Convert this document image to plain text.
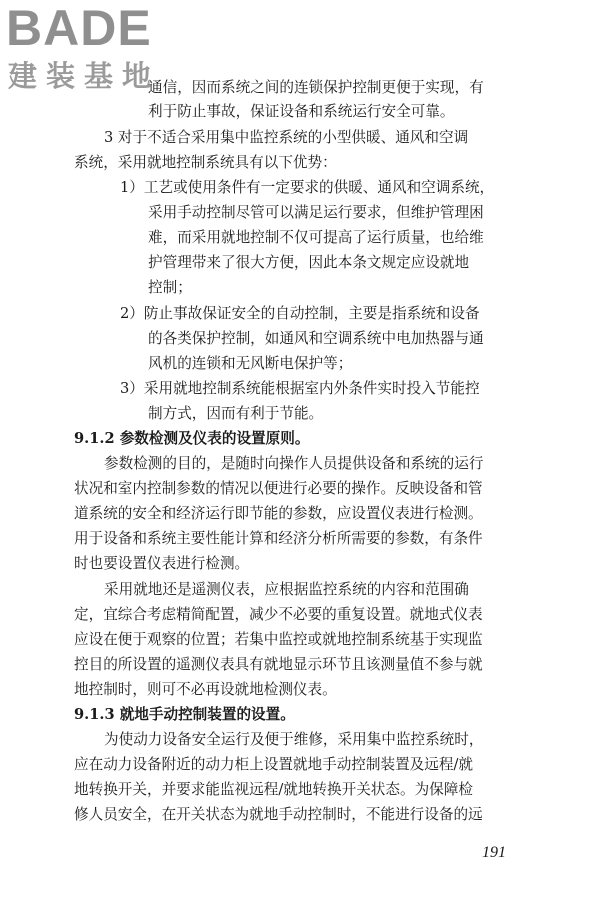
BADE
建装基地
通信，因而系统之间的连锁保护控制更便于实现，有
利于防止事故，保证设备和系统运行安全可靠。
3 对于不适合采用集中监控系统的小型供暖、通风和空调
系统，采用就地控制系统具有以下优势：
1）工艺或使用条件有一定要求的供暖、通风和空调系统，
采用手动控制尽管可以满足运行要求，但维护管理困
难，而采用就地控制不仅可提高了运行质量，也给维
护管理带来了很大方便，因此本条文规定应设就地
控制；
2）防止事故保证安全的自动控制，主要是指系统和设备
的各类保护控制，如通风和空调系统中电加热器与通
风机的连锁和无风断电保护等；
3）采用就地控制系统能根据室内外条件实时投入节能控
制方式，因而有利于节能。
9.1.2 参数检测及仪表的设置原则。
参数检测的目的，是随时向操作人员提供设备和系统的运行
状况和室内控制参数的情况以便进行必要的操作。反映设备和管
道系统的安全和经济运行即节能的参数，应设置仪表进行检测。
用于设备和系统主要性能计算和经济分析所需要的参数，有条件
时也要设置仪表进行检测。
采用就地还是遥测仪表，应根据监控系统的内容和范围确
定，宜综合考虑精简配置，减少不必要的重复设置。就地式仪表
应设在便于观察的位置；若集中监控或就地控制系统基于实现监
控目的所设置的遥测仪表具有就地显示环节且该测量值不参与就
地控制时，则可不必再设就地检测仪表。
9.1.3 就地手动控制装置的设置。
为使动力设备安全运行及便于维修，采用集中监控系统时，
应在动力设备附近的动力柜上设置就地手动控制装置及远程/就
地转换开关，并要求能监视远程/就地转换开关状态。为保障检
修人员安全，在开关状态为就地手动控制时，不能进行设备的远
191
